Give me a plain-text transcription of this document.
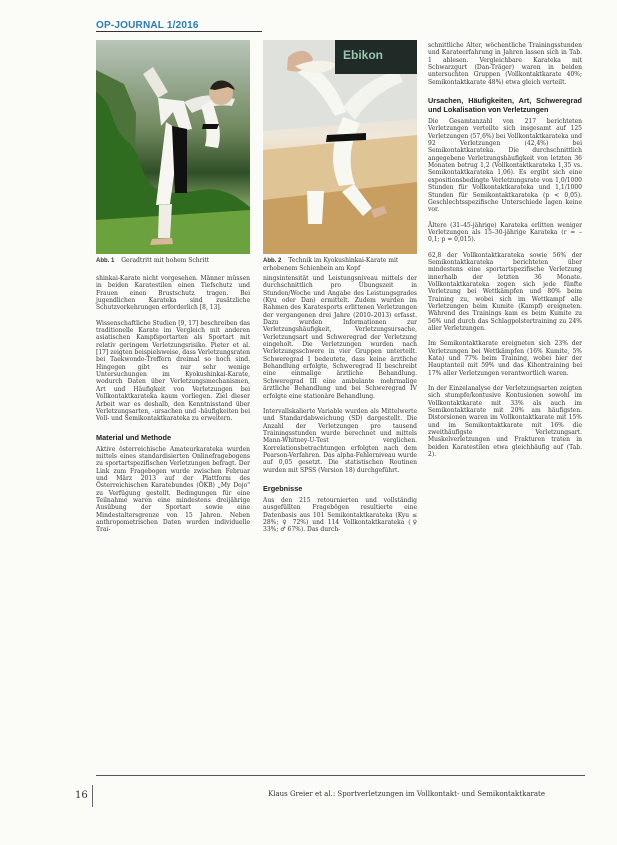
OP-JOURNAL 1/2016
Ebikon
Abb. 1 Geradtritt mit hohem Schritt	Abb. 2 Technik im Kyokushinkai-Karate mit erhobenem Schienbein am Kopf

shinkai-Karate nicht vorgesehen. Männer müssen in beiden Karatestilen einen Tiefschutz und Frauen einen Brustschutz tragen. Bei jugendlichen Karateka sind zusätzliche Schutzvorkehrungen erforderlich [8, 13].

Wissenschaftliche Studien [9, 17] beschreiben das traditionelle Karate im Vergleich mit anderen asiatischen Kampfsportarten als Sportart mit relativ geringem Verletzungsrisiko. Pieter et al. [17] zeigten beispielsweise, dass Verletzungsraten bei Taekwondo-Treffern dreimal so hoch sind. Hingegen gibt es nur sehr wenige Untersuchungen im Kyokushinkai-Karate, wodurch Daten über Verletzungsmechanismen, Art und Häufigkeit von Verletzungen bei Vollkontaktkarateka kaum vorliegen. Ziel dieser Arbeit war es deshalb, den Kenntnisstand über Verletzungsarten, -ursachen und -häufigkeiten bei Voll- und Semikontaktkarateka zu erweitern.

Material und Methode

Aktive österreichische Amateurkarateka wurden mittels eines standardisierten Onlinefragebogens zu sportartspezifischen Verletzungen befragt. Der Link zum Fragebogen wurde zwischen Februar und März 2013 auf der Plattform des Österreichischen Karatebundes (ÖKB) „My Dojo" zu Verfügung gestellt. Bedingungen für eine Teilnahme waren eine mindestens dreijährige Ausübung der Sportart sowie eine Mindestaltersgrenze von 15 Jahren. Neben anthropometrischen Daten wurden individuelle Trai-

ningsintensität und Leistungsniveau mittels der durchschnittlich pro Übungszeit in Stunden/Woche und Angabe des Leistungsgrades (Kyu oder Dan) ermittelt. Zudem wurden im Rahmen des Karatesports erlittenen Verletzungen der vergangenen drei Jahre (2010–2013) erfasst. Dazu wurden Informationen zur Verletzungshäufigkeit, Verletzungsursache, Verletzungsart und Schweregrad der Verletzung eingeholt. Die Verletzungen wurden nach Verletzungsschwere in vier Gruppen unterteilt. Schweregrad I bedeutete, dass keine ärztliche Behandlung erfolgte, Schweregrad II beschreibt eine einmalige ärztliche Behandlung. Schweregrad III eine ambulante mehrmalige ärztliche Behandlung und bei Schweregrad IV erfolgte eine stationäre Behandlung.

Intervallskalierte Variable wurden als Mittelwerte und Standardabweichung (SD) dargestellt. Die Anzahl der Verletzungen pro tausend Trainingsstunden wurde berechnet und mittels Mann-Whitney-U-Test verglichen. Korrelationsbetrachtungen erfolgten nach dem Pearson-Verfahren. Das alpha-Fehlerniveau wurde auf 0,05 gesetzt. Die statistischen Routinen wurden mit SPSS (Version 18) durchgeführt.

Ergebnisse

Aus den 215 retournierten und vollständig ausgefüllten Fragebögen resultierte eine Datenbasis aus 101 Semikontaktkarateka (Kyu ≤ 28%; ♀ 72%) und 114 Vollkontaktkarateka (♀ 33%; ♂ 67%). Das durch-

schnittliche Alter, wöchentliche Trainingsstunden und Karateerfahrung in Jahren lassen sich in Tab. 1 ablesen. Vergleichbare Karateka mit Schwarzgurt (Dan-Träger) waren in beiden untersuchten Gruppen (Vollkontaktkarate 40%; Semikontaktkarate 48%) etwa gleich verteilt.

Ursachen, Häufigkeiten, Art, Schweregrad und Lokalisation von Verletzungen

Die Gesamtanzahl von 217 berichteten Verletzungen verteilte sich insgesamt auf 125 Verletzungen (57,6%) bei Vollkontaktkarateka und 92 Verletzungen (42,4%) bei Semikontaktkarateka. Die durchschnittlich angegebene Verletzungshäufigkeit von letzten 36 Monaten betrug 1,2 (Vollkontaktkarateka 1,35 vs. Semikontaktkarateka 1,06). Es ergibt sich eine expositionsbedingte Verletzungsrate von 1,0/1000 Stunden für Vollkontaktkarateka und 1,1/1000 Stunden für Semikontaktkarateka (p < 0,05). Geschlechtsspezifische Unterschiede lagen keine vor.

Ältere (31–45-jährige) Karateka erlitten weniger Verletzungen als 15–30-jährige Karateka (r = –0,1; p = 0,015).

62,8 der Vollkontaktkarateka sowie 56% der Semikontaktkarateka berichteten über mindestens eine sportartspezifische Verletzung innerhalb der letzten 36 Monate. Vollkontaktkarateka zogen sich jede fünfte Verletzung bei Wettkämpfen und 80% beim Training zu, wobei sich im Wettkampf alle Verletzungen beim Kumite (Kampf) ereigneten. Während des Trainings kam es beim Kumite zu 56% und durch das Schlagpolstertraining zu 24% aller Verletzungen.

Im Semikontaktkarate ereigneten sich 23% der Verletzungen bei Wettkämpfen (16% Kumite, 5% Kata) und 77% beim Training, wobei hier der Hauptanteil mit 59% und das Kihontraining bei 17% aller Verletzungen verantwortlich waren.

In der Einzelanalyse der Verletzungsarten zeigten sich stumpfe/kontusive Kontusionen sowohl im Vollkontaktkarate mit 33% als auch im Semikontaktkarate mit 20% am häufigsten. Distorsionen waren im Vollkontaktkarate mit 15% und im Semikontaktkarate mit 16% die zweithäufigste Verletzungsart. Muskelverletzungen und Frakturen traten in beiden Karatestilen etwa gleichhäufig auf (Tab. 2).

16	Klaus Greier et al.: Sportverletzungen im Vollkontakt- und Semikontaktkarate
